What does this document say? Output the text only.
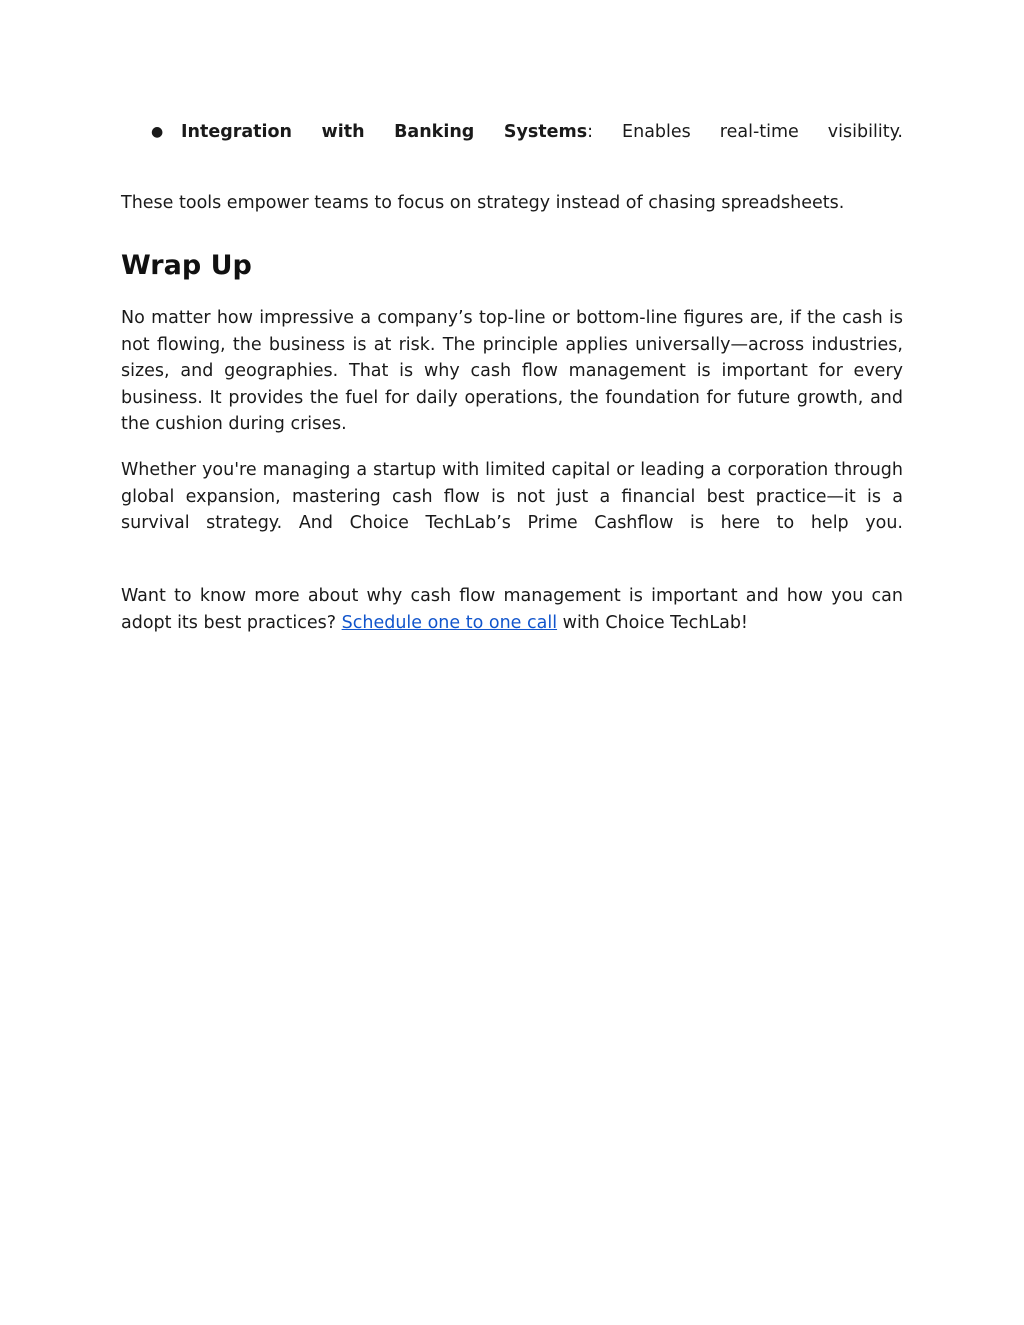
● Integration with Banking Systems: Enables real-time visibility.

These tools empower teams to focus on strategy instead of chasing spreadsheets.

Wrap Up

No matter how impressive a company’s top-line or bottom-line figures are, if the cash is not flowing, the business is at risk. The principle applies universally—across industries, sizes, and geographies. That is why cash flow management is important for every business. It provides the fuel for daily operations, the foundation for future growth, and the cushion during crises.

Whether you're managing a startup with limited capital or leading a corporation through global expansion, mastering cash flow is not just a financial best practice—it is a survival strategy. And Choice TechLab’s Prime Cashflow is here to help you.

Want to know more about why cash flow management is important and how you can adopt its best practices? Schedule one to one call with Choice TechLab!
